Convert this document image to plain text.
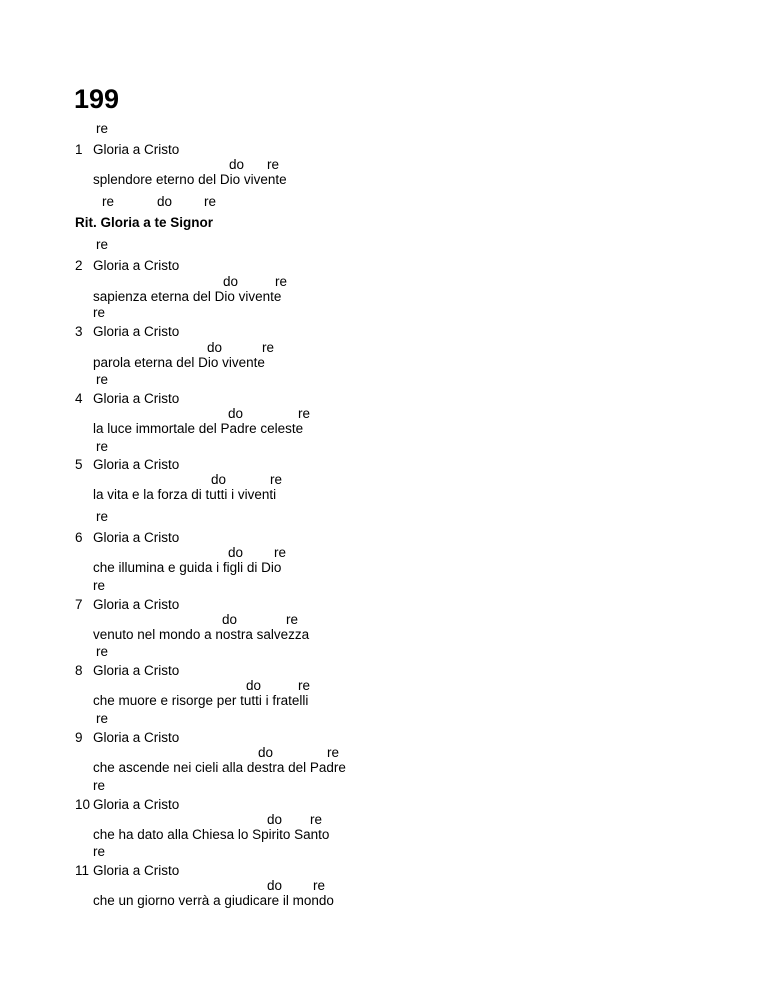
199
re
1 Gloria a Cristo
do re
splendore eterno del Dio vivente
re	do re
Rit. Gloria a te Signor
re
2 Gloria a Cristo
do	re
sapienza eterna del Dio vivente
re
3 Gloria a Cristo
do	re
parola eterna del Dio vivente
re
4 Gloria a Cristo
do	re
la luce immortale del Padre celeste
re
5 Gloria a Cristo
do	re
la vita e la forza di tutti i viventi
re
6 Gloria a Cristo
do re
che illumina e guida i figli di Dio
re
7 Gloria a Cristo
do	re
venuto nel mondo a nostra salvezza
re
8 Gloria a Cristo
do	re
che muore e risorge per tutti i fratelli
re
9 Gloria a Cristo
do	re
che ascende nei cieli alla destra del Padre
re
10 Gloria a Cristo
do re
che ha dato alla Chiesa lo Spirito Santo
re
11 Gloria a Cristo
do re
che un giorno verrà a giudicare il mondo
